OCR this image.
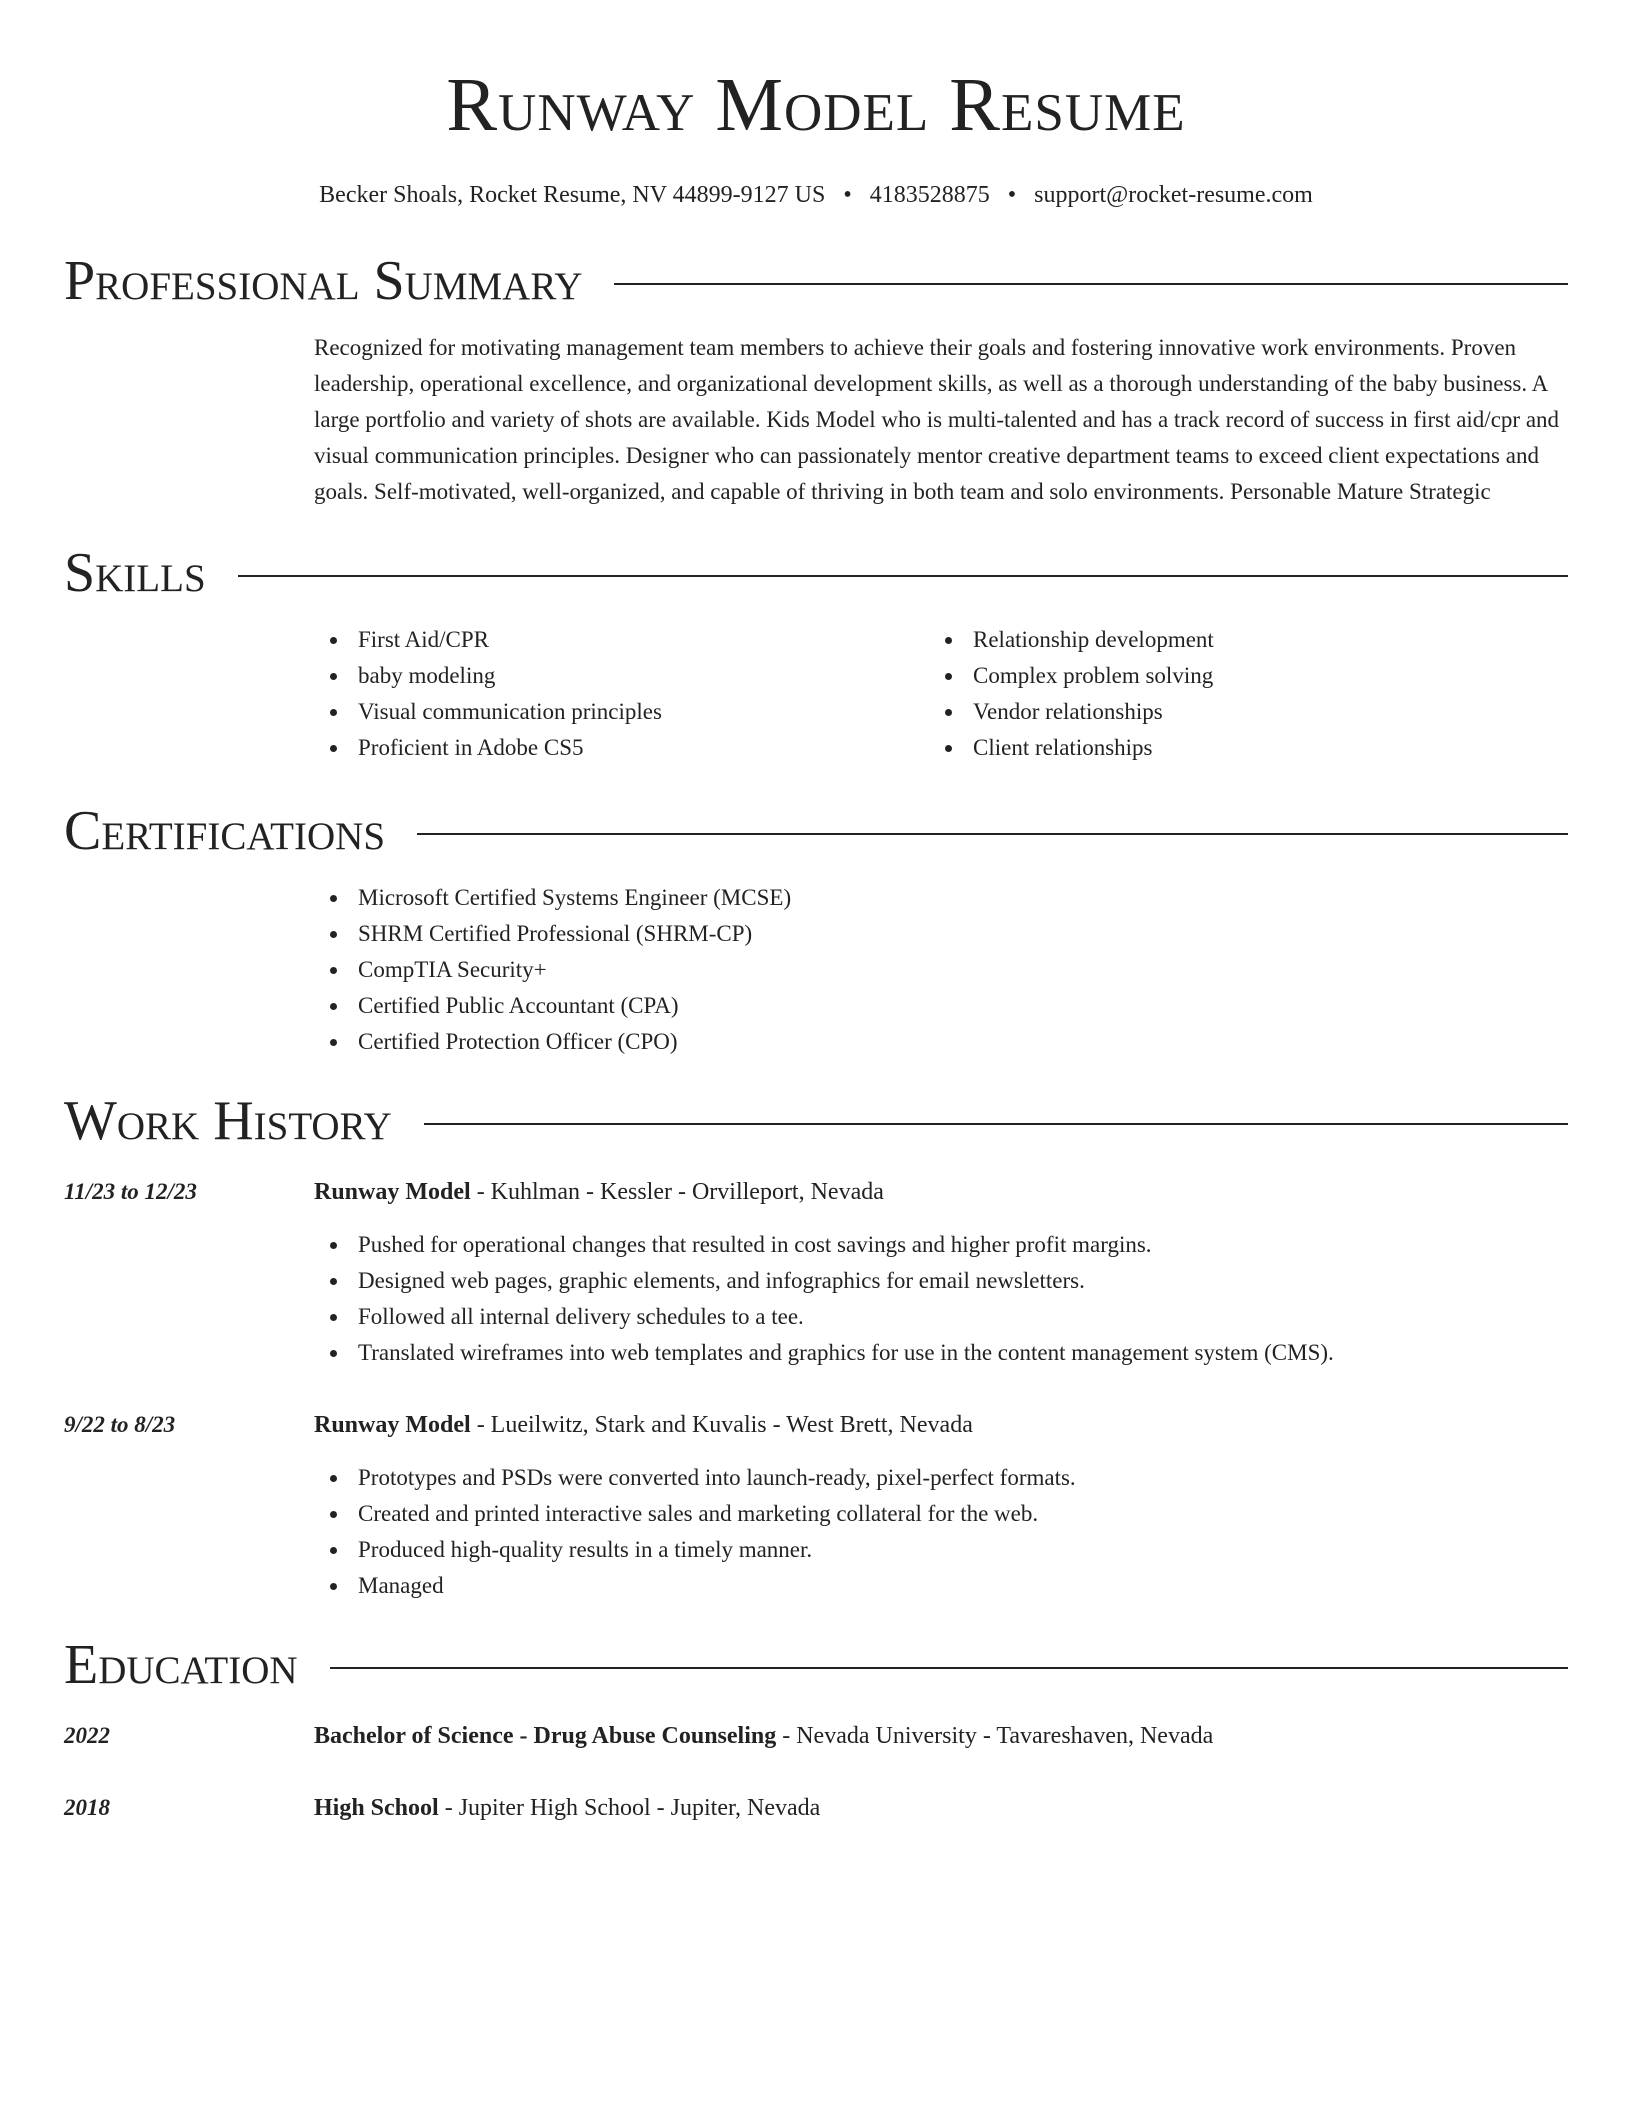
Runway Model Resume
Becker Shoals, Rocket Resume, NV 44899-9127 US • 4183528875 • support@rocket-resume.com
Professional Summary
Recognized for motivating management team members to achieve their goals and fostering innovative work environments. Proven leadership, operational excellence, and organizational development skills, as well as a thorough understanding of the baby business. A large portfolio and variety of shots are available. Kids Model who is multi-talented and has a track record of success in first aid/cpr and visual communication principles. Designer who can passionately mentor creative department teams to exceed client expectations and goals. Self-motivated, well-organized, and capable of thriving in both team and solo environments. Personable Mature Strategic
Skills
First Aid/CPR
baby modeling
Visual communication principles
Proficient in Adobe CS5
Relationship development
Complex problem solving
Vendor relationships
Client relationships
Certifications
Microsoft Certified Systems Engineer (MCSE)
SHRM Certified Professional (SHRM-CP)
CompTIA Security+
Certified Public Accountant (CPA)
Certified Protection Officer (CPO)
Work History
11/23 to 12/23	Runway Model - Kuhlman - Kessler - Orvilleport, Nevada
Pushed for operational changes that resulted in cost savings and higher profit margins.
Designed web pages, graphic elements, and infographics for email newsletters.
Followed all internal delivery schedules to a tee.
Translated wireframes into web templates and graphics for use in the content management system (CMS).
9/22 to 8/23	Runway Model - Lueilwitz, Stark and Kuvalis - West Brett, Nevada
Prototypes and PSDs were converted into launch-ready, pixel-perfect formats.
Created and printed interactive sales and marketing collateral for the web.
Produced high-quality results in a timely manner.
Managed
Education
2022	Bachelor of Science - Drug Abuse Counseling - Nevada University - Tavareshaven, Nevada
2018	High School - Jupiter High School - Jupiter, Nevada
